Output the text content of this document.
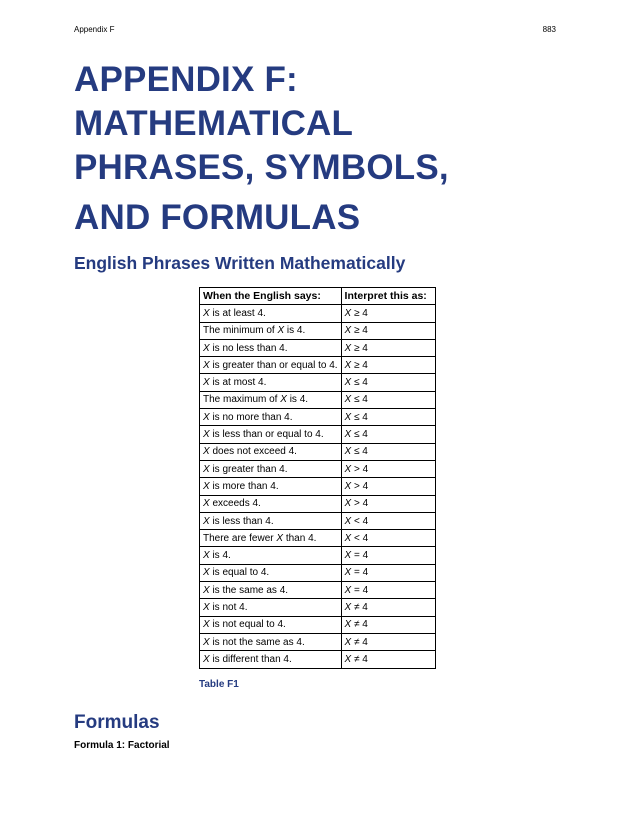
Appendix F	883
APPENDIX F:
MATHEMATICAL
PHRASES, SYMBOLS,
AND FORMULAS
English Phrases Written Mathematically
When the English says:	Interpret this as:
X is at least 4.	X ≥ 4
The minimum of X is 4.	X ≥ 4
X is no less than 4.	X ≥ 4
X is greater than or equal to 4.	X ≥ 4
X is at most 4.	X ≤ 4
The maximum of X is 4.	X ≤ 4
X is no more than 4.	X ≤ 4
X is less than or equal to 4.	X ≤ 4
X does not exceed 4.	X ≤ 4
X is greater than 4.	X > 4
X is more than 4.	X > 4
X exceeds 4.	X > 4
X is less than 4.	X < 4
There are fewer X than 4.	X < 4
X is 4.	X = 4
X is equal to 4.	X = 4
X is the same as 4.	X = 4
X is not 4.	X ≠ 4
X is not equal to 4.	X ≠ 4
X is not the same as 4.	X ≠ 4
X is different than 4.	X ≠ 4
Table F1
Formulas
Formula 1: Factorial
